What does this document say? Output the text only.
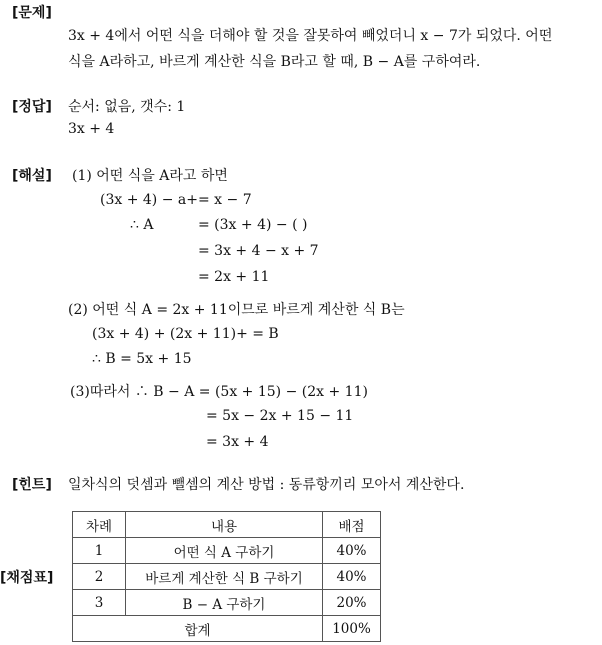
[문제]
3x + 4에서 어떤 식을 더해야 할 것을 잘못하여 빼었더니 x − 7가 되었다. 어떤
식을 A라하고, 바르게 계산한 식을 B라고 할 때, B − A를 구하여라.
[정답] 순서: 없음, 갯수: 1
3x + 4
[해설] (1) 어떤 식을 A라고 하면
(3x + 4) − a+ = x − 7
∴ A	= (3x + 4) − ( )
= 3x + 4 − x + 7
= 2x + 11
(2) 어떤 식 A = 2x + 11이므로 바르게 계산한 식 B는
(3x + 4) + (2x + 11)+ = B
∴ B = 5x + 15
(3)따라서 ∴ B − A = (5x + 15) − (2x + 11)
= 5x − 2x + 15 − 11
= 3x + 4
[힌트] 일차식의 덧셈과 뺄셈의 계산 방법 : 동류항끼리 모아서 계산한다.
[채점표]
차례	내용	배점
1	어떤 식 A 구하기	40%
2	바르게 계산한 식 B 구하기	40%
3	B − A 구하기	20%
합계		100%
